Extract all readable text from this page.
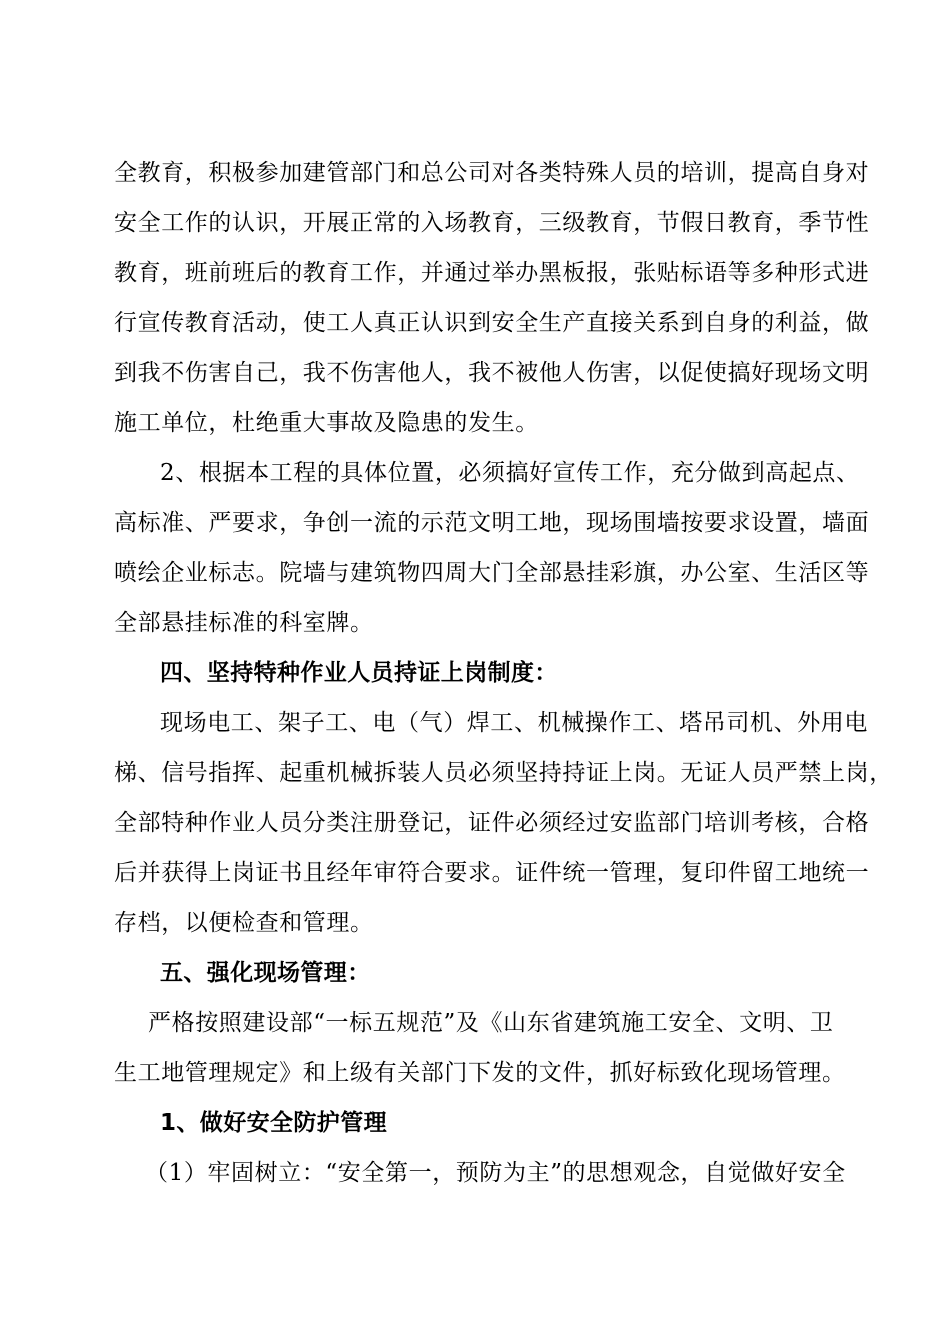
全教育，积极参加建管部门和总公司对各类特殊人员的培训，提高自身对
安全工作的认识，开展正常的入场教育，三级教育，节假日教育，季节性
教育，班前班后的教育工作，并通过举办黑板报，张贴标语等多种形式进
行宣传教育活动，使工人真正认识到安全生产直接关系到自身的利益，做
到我不伤害自己，我不伤害他人，我不被他人伤害，以促使搞好现场文明
施工单位，杜绝重大事故及隐患的发生。
2、根据本工程的具体位置，必须搞好宣传工作，充分做到高起点、
高标准、严要求，争创一流的示范文明工地，现场围墙按要求设置，墙面
喷绘企业标志。院墙与建筑物四周大门全部悬挂彩旗，办公室、生活区等
全部悬挂标准的科室牌。
四、坚持特种作业人员持证上岗制度：
现场电工、架子工、电（气）焊工、机械操作工、塔吊司机、外用电
梯、信号指挥、起重机械拆装人员必须坚持持证上岗。无证人员严禁上岗，
全部特种作业人员分类注册登记，证件必须经过安监部门培训考核，合格
后并获得上岗证书且经年审符合要求。证件统一管理，复印件留工地统一
存档，以便检查和管理。
五、强化现场管理：
严格按照建设部“一标五规范”及《山东省建筑施工安全、文明、卫
生工地管理规定》和上级有关部门下发的文件，抓好标致化现场管理。
1、做好安全防护管理
（1）牢固树立：“安全第一，预防为主”的思想观念，自觉做好安全
